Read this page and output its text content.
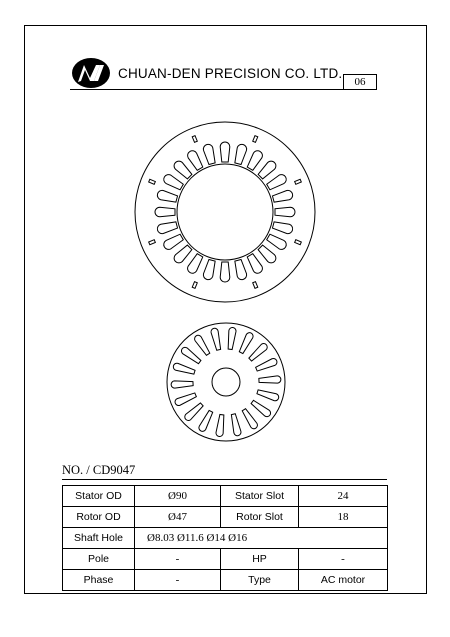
CHUAN-DEN PRECISION CO. LTD.
06
NO. / CD9047
Stator OD	Ø90	Stator Slot	24
Rotor OD	Ø47	Rotor Slot	18
Shaft Hole	Ø8.03 Ø11.6 Ø14 Ø16		
Pole	-	HP	-
Phase	-	Type	AC motor
